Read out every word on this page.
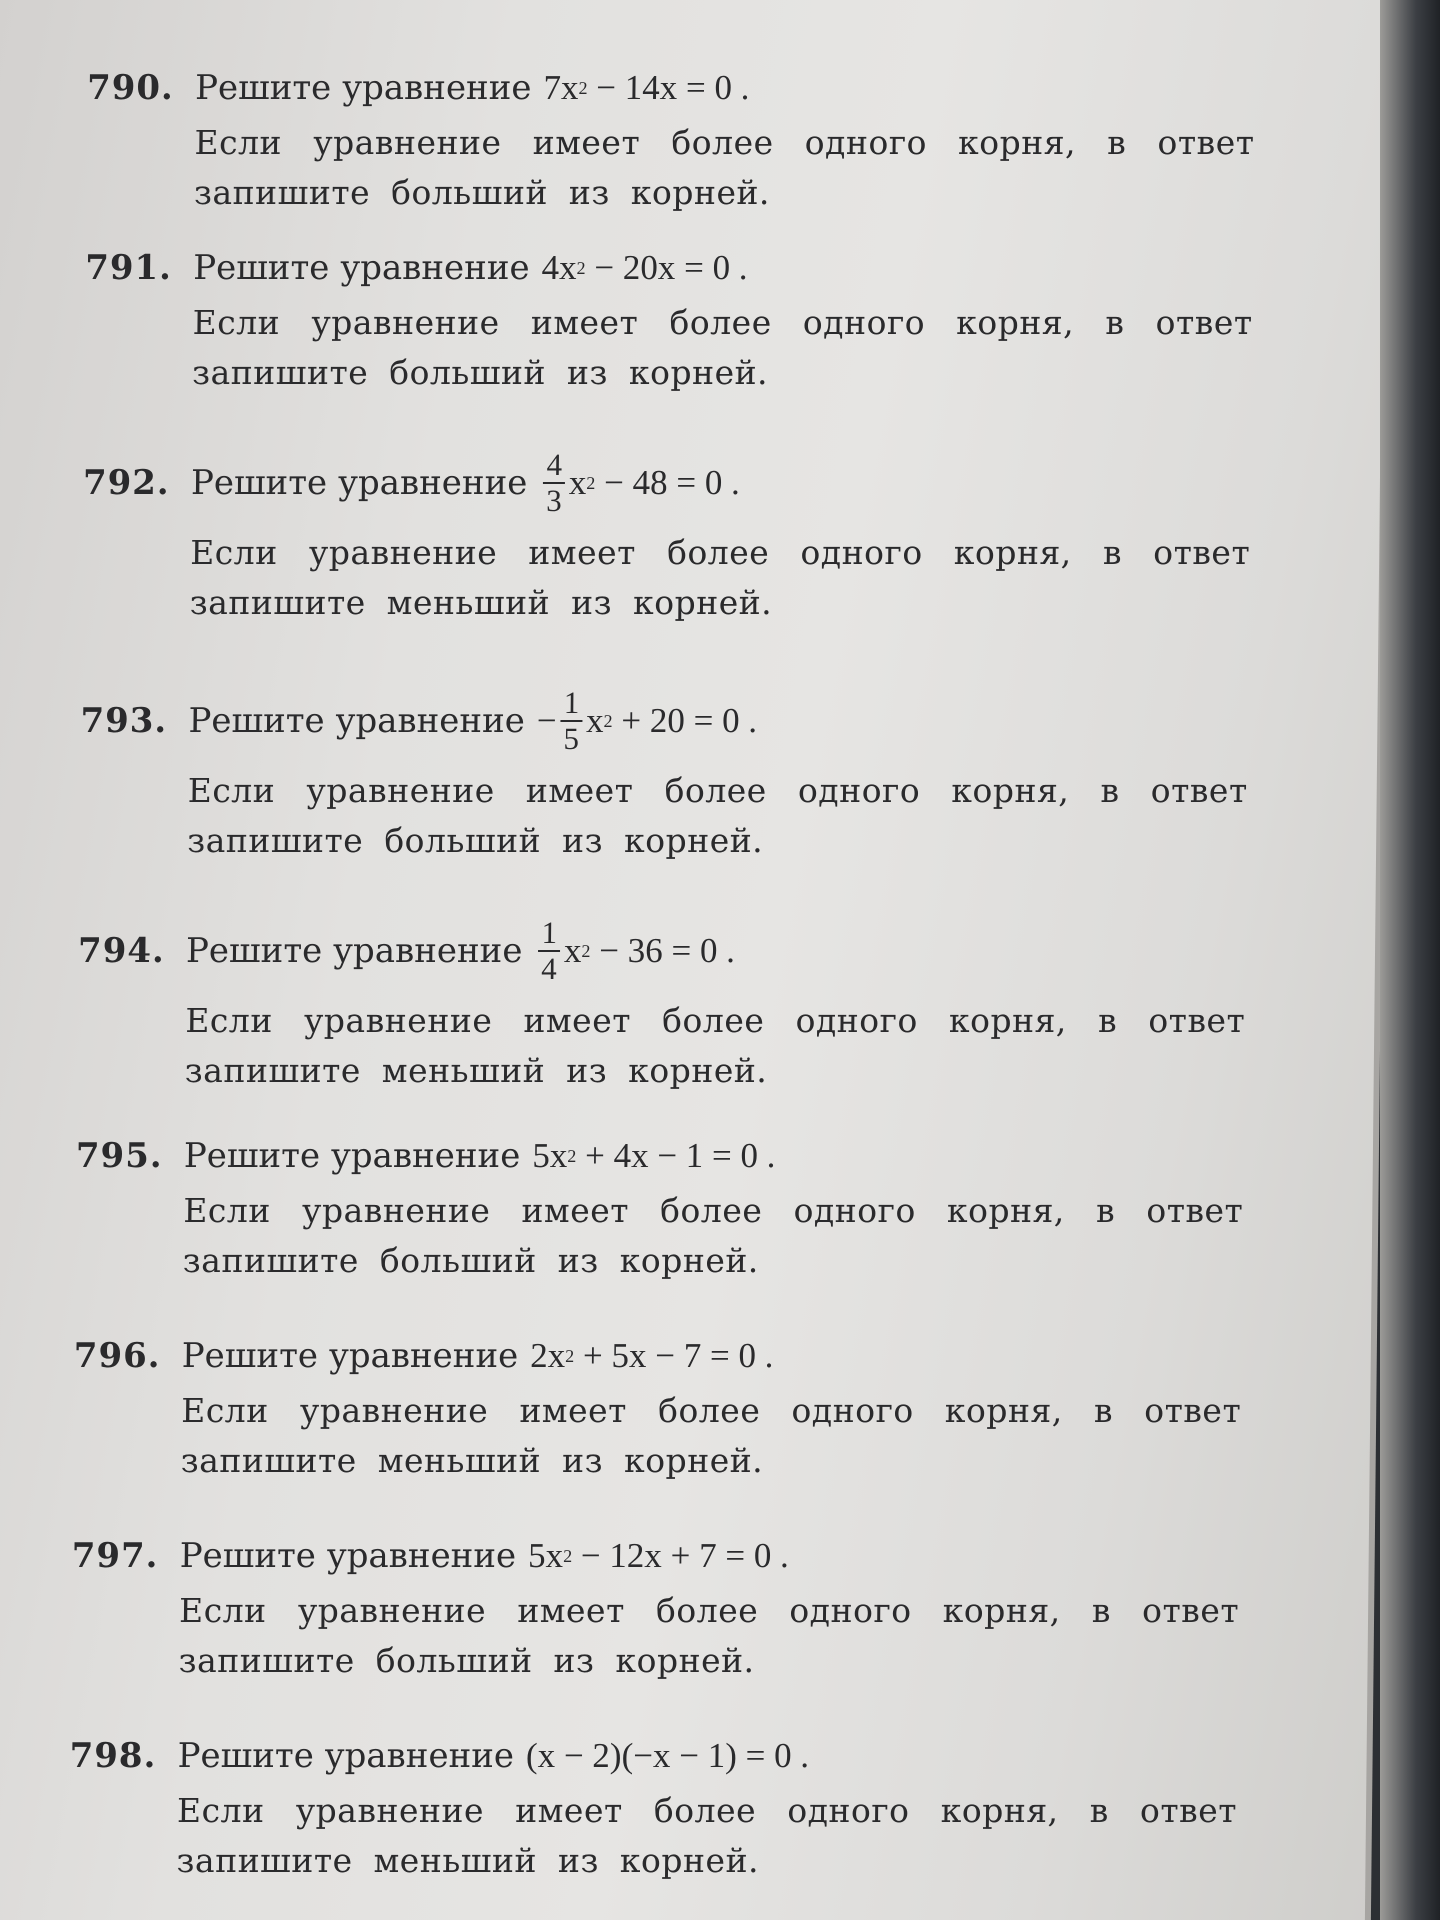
790. Решите уравнение 7x 2 − 14x = 0 .
Если уравнение имеет более одного корня, в ответ запишите больший из корней.
791. Решите уравнение 4x 2 − 20x = 0 .
Если уравнение имеет более одного корня, в ответ запишите больший из корней.
792. Решите уравнение $\frac{4}{3}$ x 2 − 48 = 0 .
Если уравнение имеет более одного корня, в ответ запишите меньший из корней.
793. Решите уравнение − $\frac{1}{5}$ x 2 + 20 = 0 .
Если уравнение имеет более одного корня, в ответ запишите больший из корней.
794. Решите уравнение $\frac{1}{4}$ x 2 − 36 = 0 .
Если уравнение имеет более одного корня, в ответ запишите меньший из корней.
795. Решите уравнение 5x 2 + 4x − 1 = 0 .
Если уравнение имеет более одного корня, в ответ запишите больший из корней.
796. Решите уравнение 2x 2 + 5x − 7 = 0 .
Если уравнение имеет более одного корня, в ответ запишите меньший из корней.
797. Решите уравнение 5x 2 − 12x + 7 = 0 .
Если уравнение имеет более одного корня, в ответ запишите больший из корней.
798. Решите уравнение (x − 2)(−x − 1) = 0 .
Если уравнение имеет более одного корня, в ответ запишите меньший из корней.
